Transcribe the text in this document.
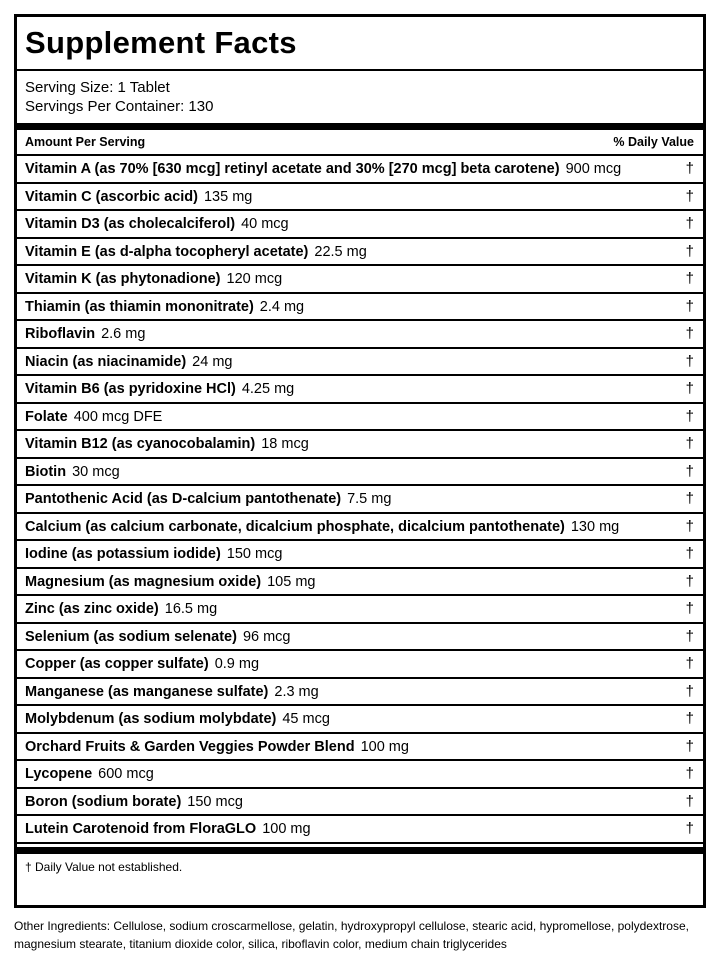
Supplement Facts
Serving Size: 1 Tablet
Servings Per Container: 130
Amount Per Serving	% Daily Value
Vitamin A (as 70% [630 mcg] retinyl acetate and 30% [270 mcg] beta carotene) 900 mcg	†
Vitamin C (ascorbic acid) 135 mg	†
Vitamin D3 (as cholecalciferol) 40 mcg	†
Vitamin E (as d-alpha tocopheryl acetate) 22.5 mg	†
Vitamin K (as phytonadione) 120 mcg	†
Thiamin (as thiamin mononitrate) 2.4 mg	†
Riboflavin 2.6 mg	†
Niacin (as niacinamide) 24 mg	†
Vitamin B6 (as pyridoxine HCl) 4.25 mg	†
Folate 400 mcg DFE	†
Vitamin B12 (as cyanocobalamin) 18 mcg	†
Biotin 30 mcg	†
Pantothenic Acid (as D-calcium pantothenate) 7.5 mg	†
Calcium (as calcium carbonate, dicalcium phosphate, dicalcium pantothenate) 130 mg	†
Iodine (as potassium iodide) 150 mcg	†
Magnesium (as magnesium oxide) 105 mg	†
Zinc (as zinc oxide) 16.5 mg	†
Selenium (as sodium selenate) 96 mcg	†
Copper (as copper sulfate) 0.9 mg	†
Manganese (as manganese sulfate) 2.3 mg	†
Molybdenum (as sodium molybdate) 45 mcg	†
Orchard Fruits & Garden Veggies Powder Blend 100 mg	†
Lycopene 600 mcg	†
Boron (sodium borate) 150 mcg	†
Lutein Carotenoid from FloraGLO 100 mg	†
† Daily Value not established.
Other Ingredients: Cellulose, sodium croscarmellose, gelatin, hydroxypropyl cellulose, stearic acid, hypromellose, polydextrose, magnesium stearate, titanium dioxide color, silica, riboflavin color, medium chain triglycerides
